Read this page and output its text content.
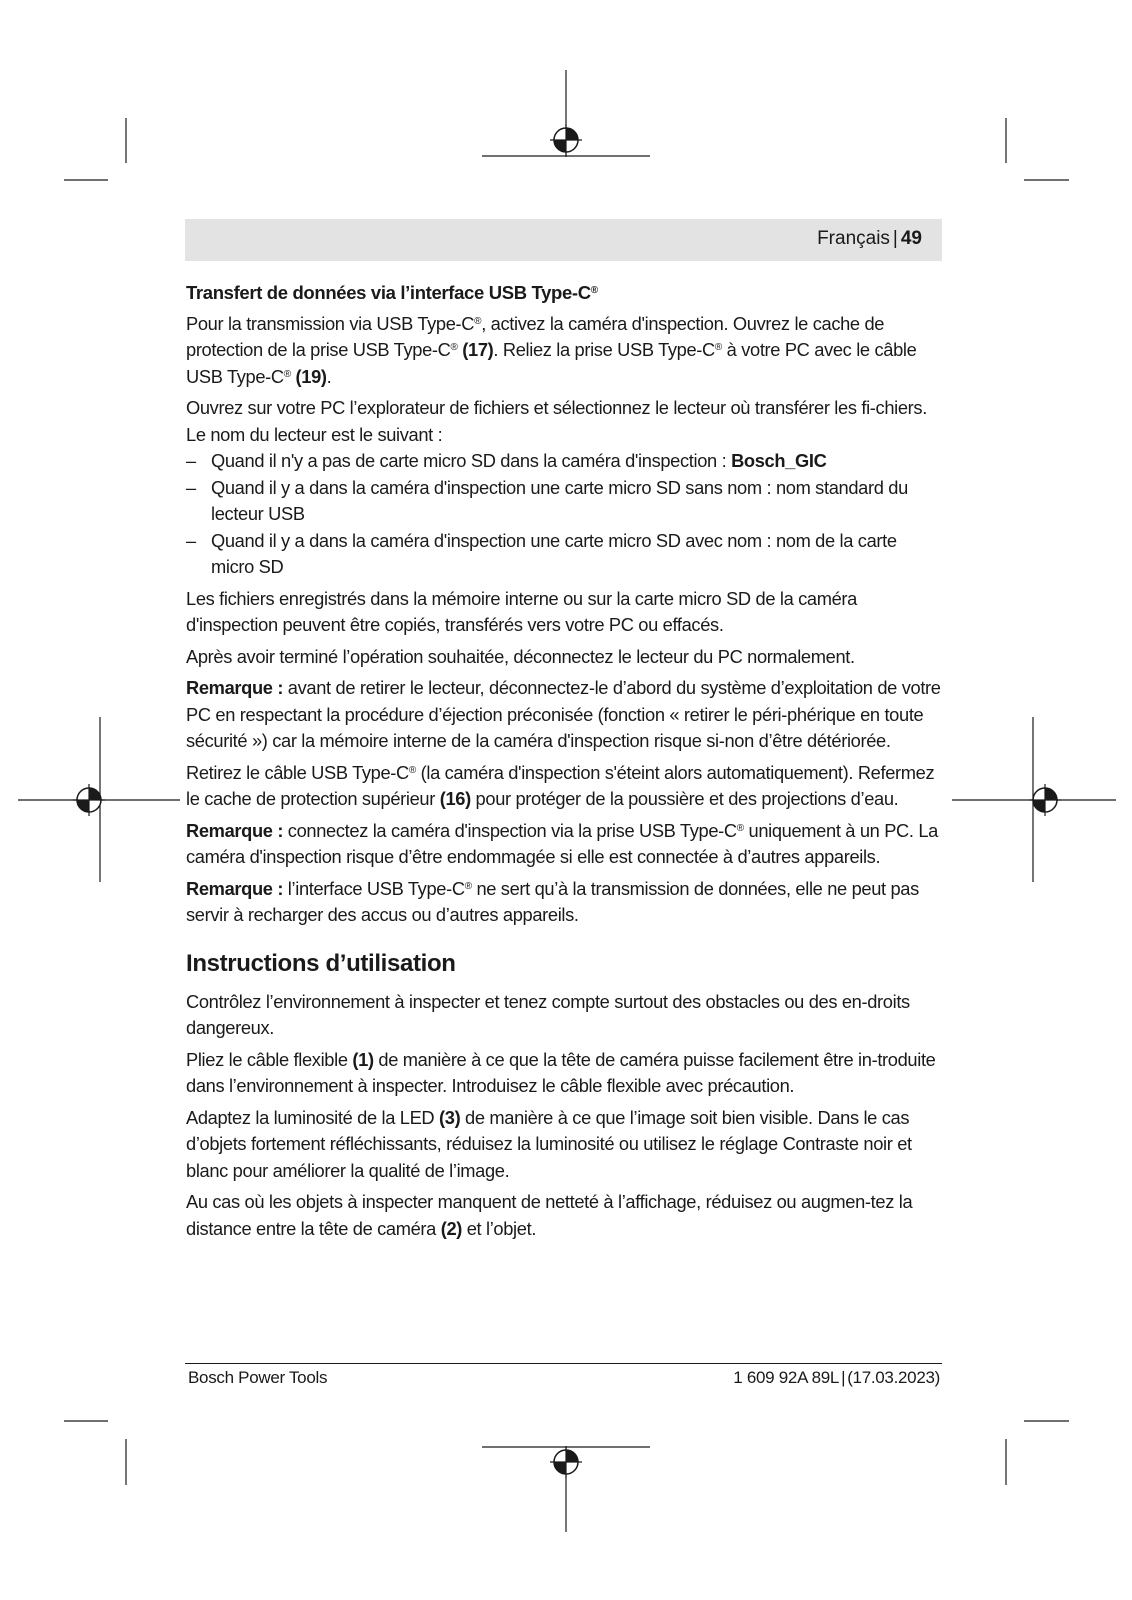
Français | 49
Transfert de données via l’interface USB Type-C®

Pour la transmission via USB Type-C®, activez la caméra d'inspection. Ouvrez le cache de protection de la prise USB Type-C® (17). Reliez la prise USB Type-C® à votre PC avec le câble USB Type-C® (19).

Ouvrez sur votre PC l’explorateur de fichiers et sélectionnez le lecteur où transférer les fi-chiers. Le nom du lecteur est le suivant :
– Quand il n'y a pas de carte micro SD dans la caméra d'inspection : Bosch_GIC
– Quand il y a dans la caméra d'inspection une carte micro SD sans nom : nom standard du lecteur USB
– Quand il y a dans la caméra d'inspection une carte micro SD avec nom : nom de la carte micro SD

Les fichiers enregistrés dans la mémoire interne ou sur la carte micro SD de la caméra d'inspection peuvent être copiés, transférés vers votre PC ou effacés.

Après avoir terminé l’opération souhaitée, déconnectez le lecteur du PC normalement.

Remarque : avant de retirer le lecteur, déconnectez-le d’abord du système d’exploitation de votre PC en respectant la procédure d’éjection préconisée (fonction « retirer le péri-phérique en toute sécurité ») car la mémoire interne de la caméra d'inspection risque si-non d’être détériorée.

Retirez le câble USB Type-C® (la caméra d'inspection s'éteint alors automatiquement). Refermez le cache de protection supérieur (16) pour protéger de la poussière et des projections d’eau.

Remarque : connectez la caméra d'inspection via la prise USB Type-C® uniquement à un PC. La caméra d'inspection risque d’être endommagée si elle est connectée à d’autres appareils.

Remarque : l’interface USB Type-C® ne sert qu’à la transmission de données, elle ne peut pas servir à recharger des accus ou d’autres appareils.

Instructions d’utilisation

Contrôlez l’environnement à inspecter et tenez compte surtout des obstacles ou des en-droits dangereux.

Pliez le câble flexible (1) de manière à ce que la tête de caméra puisse facilement être in-troduite dans l’environnement à inspecter. Introduisez le câble flexible avec précaution.

Adaptez la luminosité de la LED (3) de manière à ce que l’image soit bien visible. Dans le cas d’objets fortement réfléchissants, réduisez la luminosité ou utilisez le réglage Contraste noir et blanc pour améliorer la qualité de l’image.

Au cas où les objets à inspecter manquent de netteté à l’affichage, réduisez ou augmen-tez la distance entre la tête de caméra (2) et l’objet.

Bosch Power Tools	1 609 92A 89L | (17.03.2023)
